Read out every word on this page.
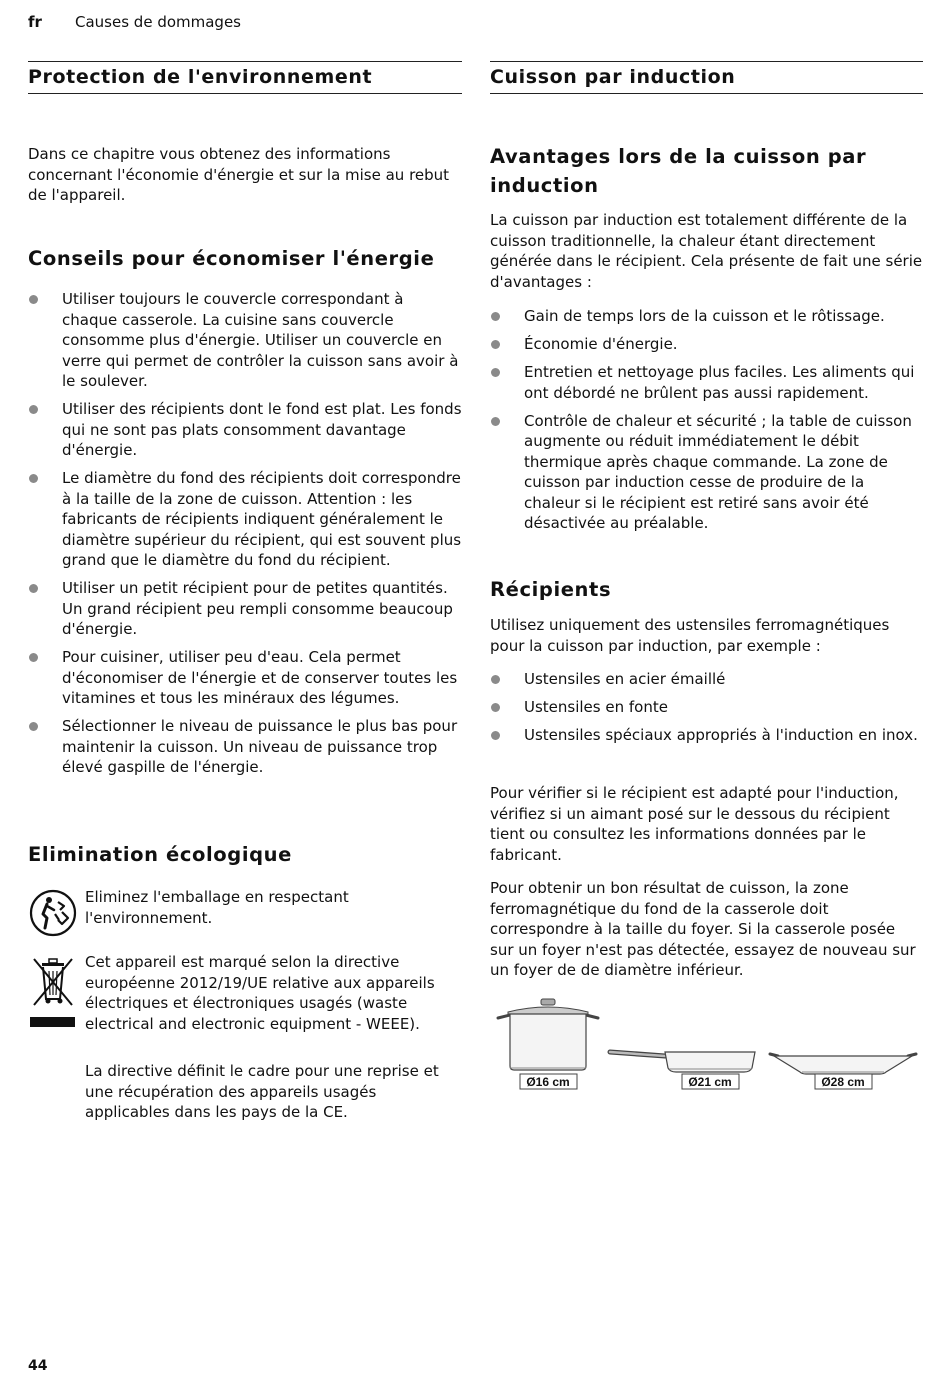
fr Causes de dommages
Protection de l'environnement
Dans ce chapitre vous obtenez des informations concernant l'économie d'énergie et sur la mise au rebut de l'appareil.
Conseils pour économiser l'énergie
Utiliser toujours le couvercle correspondant à chaque casserole. La cuisine sans couvercle consomme plus d'énergie. Utiliser un couvercle en verre qui permet de contrôler la cuisson sans avoir à le soulever.
Utiliser des récipients dont le fond est plat. Les fonds qui ne sont pas plats consomment davantage d'énergie.
Le diamètre du fond des récipients doit correspondre à la taille de la zone de cuisson. Attention : les fabricants de récipients indiquent généralement le diamètre supérieur du récipient, qui est souvent plus grand que le diamètre du fond du récipient.
Utiliser un petit récipient pour de petites quantités. Un grand récipient peu rempli consomme beaucoup d'énergie.
Pour cuisiner, utiliser peu d'eau. Cela permet d'économiser de l'énergie et de conserver toutes les vitamines et tous les minéraux des légumes.
Sélectionner le niveau de puissance le plus bas pour maintenir la cuisson. Un niveau de puissance trop élevé gaspille de l'énergie.
Elimination écologique
Eliminez l'emballage en respectant l'environnement.
Cet appareil est marqué selon la directive européenne 2012/19/UE relative aux appareils électriques et électroniques usagés (waste electrical and electronic equipment - WEEE).
La directive définit le cadre pour une reprise et une récupération des appareils usagés applicables dans les pays de la CE.
Cuisson par induction
Avantages lors de la cuisson par induction
La cuisson par induction est totalement différente de la cuisson traditionnelle, la chaleur étant directement générée dans le récipient. Cela présente de fait une série d'avantages :
Gain de temps lors de la cuisson et le rôtissage.
Économie d'énergie.
Entretien et nettoyage plus faciles. Les aliments qui ont débordé ne brûlent pas aussi rapidement.
Contrôle de chaleur et sécurité ; la table de cuisson augmente ou réduit immédiatement le débit thermique après chaque commande. La zone de cuisson par induction cesse de produire de la chaleur si le récipient est retiré sans avoir été désactivée au préalable.
Récipients
Utilisez uniquement des ustensiles ferromagnétiques pour la cuisson par induction, par exemple :
Ustensiles en acier émaillé
Ustensiles en fonte
Ustensiles spéciaux appropriés à l'induction en inox.
Pour vérifier si le récipient est adapté pour l'induction, vérifiez si un aimant posé sur le dessous du récipient tient ou consultez les informations données par le fabricant.
Pour obtenir un bon résultat de cuisson, la zone ferromagnétique du fond de la casserole doit correspondre à la taille du foyer. Si la casserole posée sur un foyer n'est pas détectée, essayez de nouveau sur un foyer de de diamètre inférieur.
Ø16 cm	Ø21 cm	Ø28 cm
44
